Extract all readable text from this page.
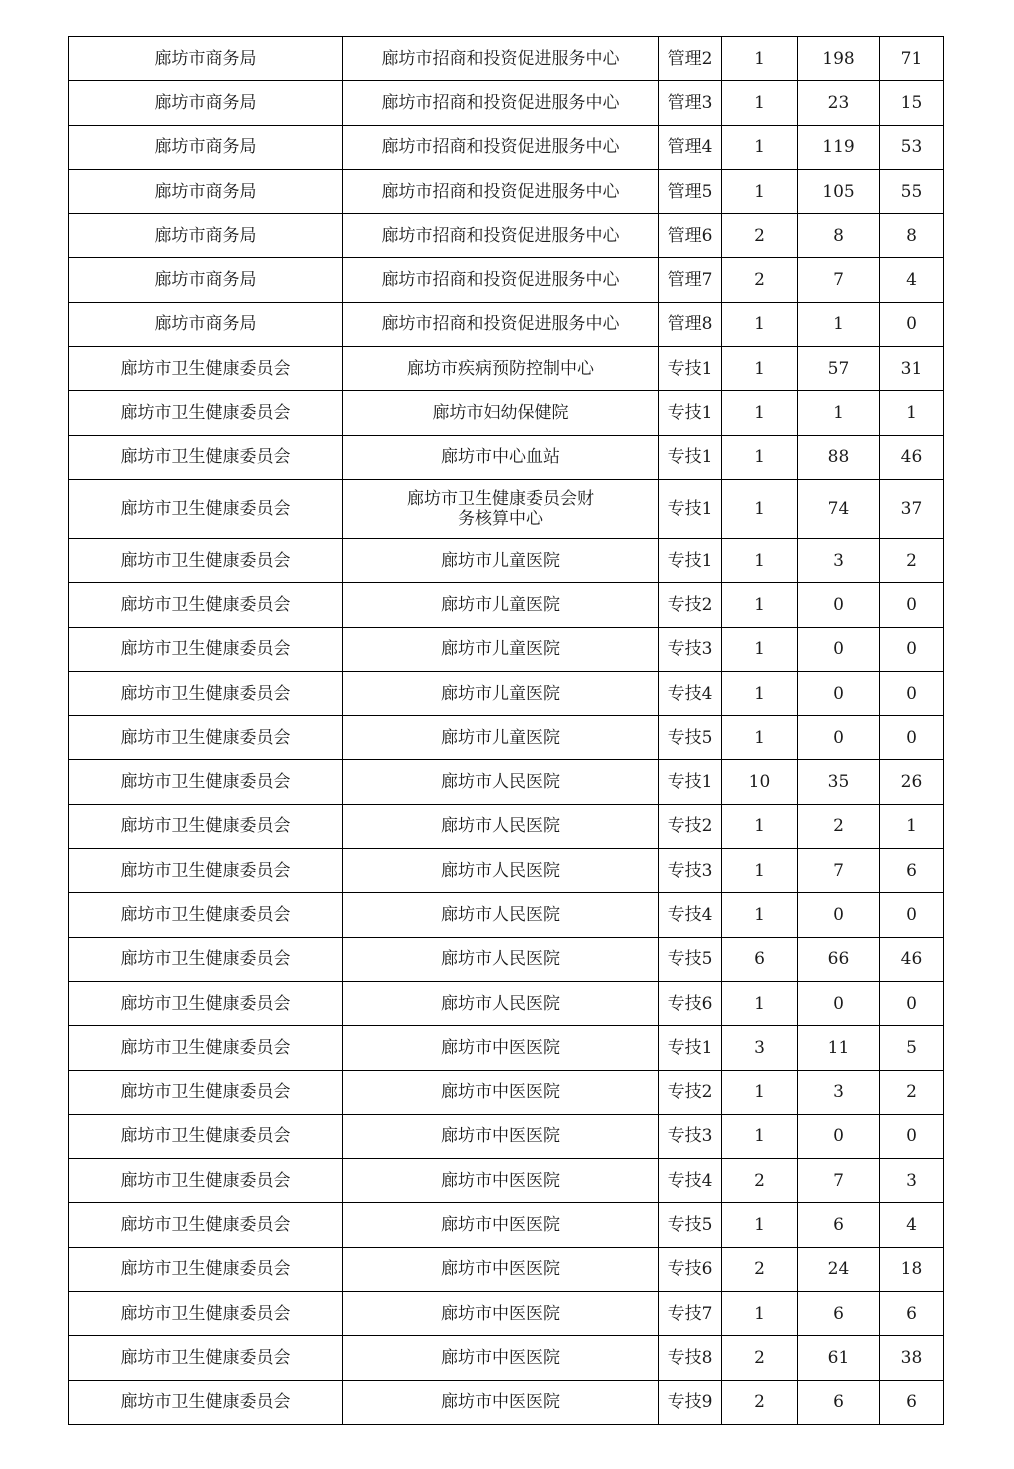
廊坊市商务局	廊坊市招商和投资促进服务中心	管理2	1	198	71
廊坊市商务局	廊坊市招商和投资促进服务中心	管理3	1	23	15
廊坊市商务局	廊坊市招商和投资促进服务中心	管理4	1	119	53
廊坊市商务局	廊坊市招商和投资促进服务中心	管理5	1	105	55
廊坊市商务局	廊坊市招商和投资促进服务中心	管理6	2	8	8
廊坊市商务局	廊坊市招商和投资促进服务中心	管理7	2	7	4
廊坊市商务局	廊坊市招商和投资促进服务中心	管理8	1	1	0
廊坊市卫生健康委员会	廊坊市疾病预防控制中心	专技1	1	57	31
廊坊市卫生健康委员会	廊坊市妇幼保健院	专技1	1	1	1
廊坊市卫生健康委员会	廊坊市中心血站	专技1	1	88	46
廊坊市卫生健康委员会	廊坊市卫生健康委员会财务核算中心	专技1	1	74	37
廊坊市卫生健康委员会	廊坊市儿童医院	专技1	1	3	2
廊坊市卫生健康委员会	廊坊市儿童医院	专技2	1	0	0
廊坊市卫生健康委员会	廊坊市儿童医院	专技3	1	0	0
廊坊市卫生健康委员会	廊坊市儿童医院	专技4	1	0	0
廊坊市卫生健康委员会	廊坊市儿童医院	专技5	1	0	0
廊坊市卫生健康委员会	廊坊市人民医院	专技1	10	35	26
廊坊市卫生健康委员会	廊坊市人民医院	专技2	1	2	1
廊坊市卫生健康委员会	廊坊市人民医院	专技3	1	7	6
廊坊市卫生健康委员会	廊坊市人民医院	专技4	1	0	0
廊坊市卫生健康委员会	廊坊市人民医院	专技5	6	66	46
廊坊市卫生健康委员会	廊坊市人民医院	专技6	1	0	0
廊坊市卫生健康委员会	廊坊市中医医院	专技1	3	11	5
廊坊市卫生健康委员会	廊坊市中医医院	专技2	1	3	2
廊坊市卫生健康委员会	廊坊市中医医院	专技3	1	0	0
廊坊市卫生健康委员会	廊坊市中医医院	专技4	2	7	3
廊坊市卫生健康委员会	廊坊市中医医院	专技5	1	6	4
廊坊市卫生健康委员会	廊坊市中医医院	专技6	2	24	18
廊坊市卫生健康委员会	廊坊市中医医院	专技7	1	6	6
廊坊市卫生健康委员会	廊坊市中医医院	专技8	2	61	38
廊坊市卫生健康委员会	廊坊市中医医院	专技9	2	6	6
